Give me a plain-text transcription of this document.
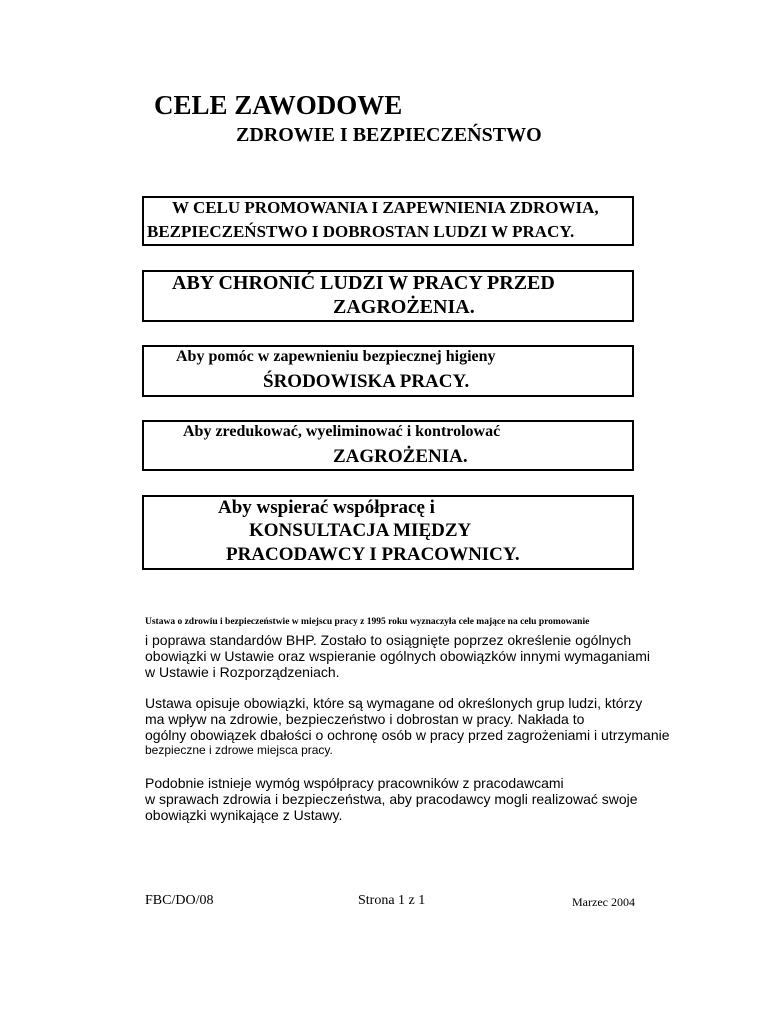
CELE ZAWODOWE
ZDROWIE I BEZPIECZEŃSTWO
W CELU PROMOWANIA I ZAPEWNIENIA ZDROWIA,
BEZPIECZEŃSTWO I DOBROSTAN LUDZI W PRACY.
ABY CHRONIĆ LUDZI W PRACY PRZED
ZAGROŻENIA.
Aby pomóc w zapewnieniu bezpiecznej higieny
ŚRODOWISKA PRACY.
Aby zredukować, wyeliminować i kontrolować
ZAGROŻENIA.
Aby wspierać współpracę i
KONSULTACJA MIĘDZY
PRACODAWCY I PRACOWNICY.
Ustawa o zdrowiu i bezpieczeństwie w miejscu pracy z 1995 roku wyznaczyła cele mające na celu promowanie
i poprawa standardów BHP. Zostało to osiągnięte poprzez określenie ogólnych
obowiązki w Ustawie oraz wspieranie ogólnych obowiązków innymi wymaganiami
w Ustawie i Rozporządzeniach.
Ustawa opisuje obowiązki, które są wymagane od określonych grup ludzi, którzy
ma wpływ na zdrowie, bezpieczeństwo i dobrostan w pracy. Nakłada to
ogólny obowiązek dbałości o ochronę osób w pracy przed zagrożeniami i utrzymanie
bezpieczne i zdrowe miejsca pracy.
Podobnie istnieje wymóg współpracy pracowników z pracodawcami
w sprawach zdrowia i bezpieczeństwa, aby pracodawcy mogli realizować swoje
obowiązki wynikające z Ustawy.
FBC/DO/08	Strona 1 z 1	Marzec 2004
